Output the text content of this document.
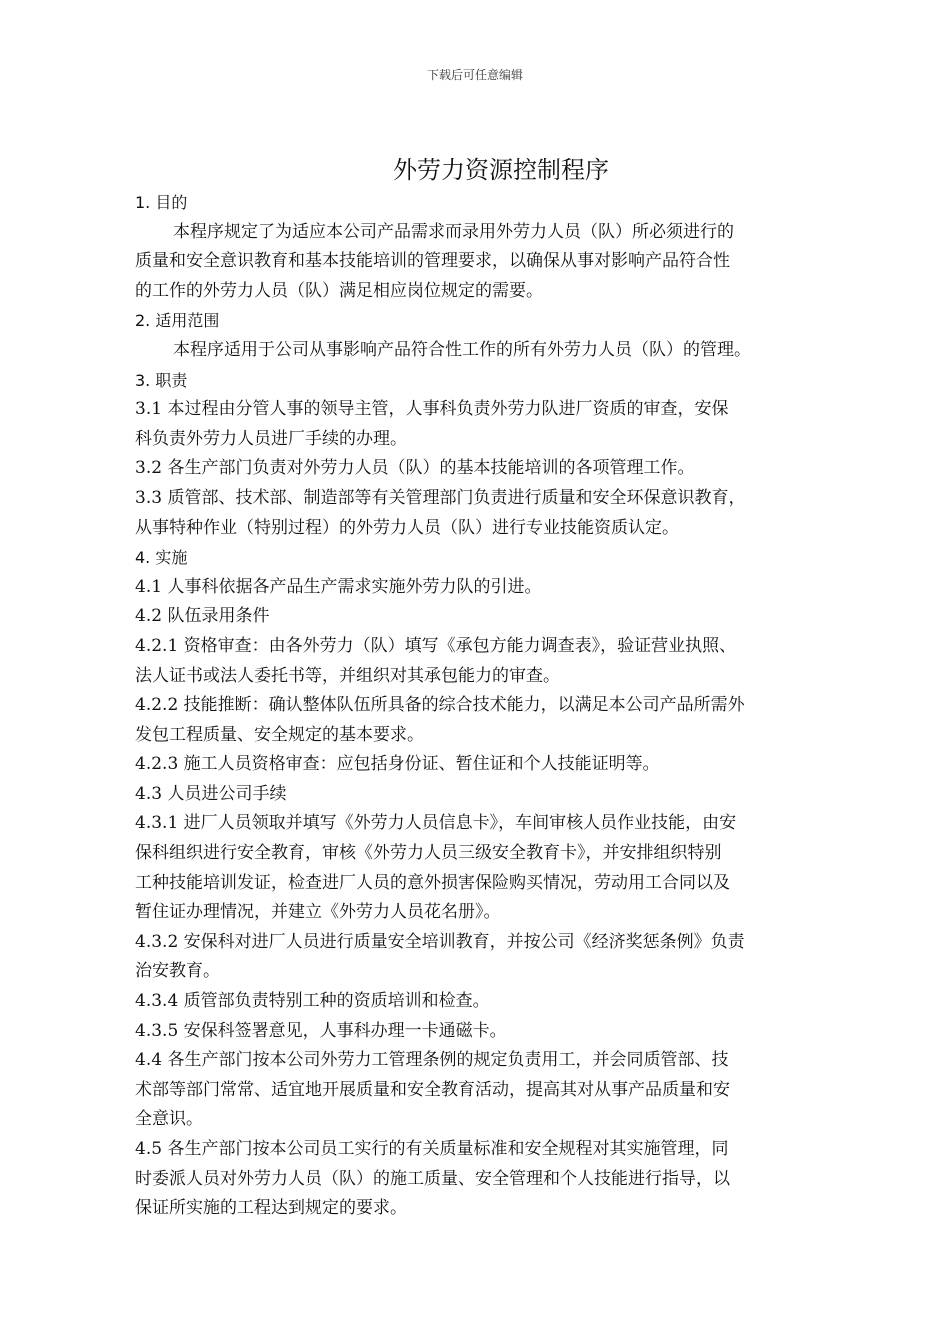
下载后可任意编辑
外劳力资源控制程序
1. 目的
本程序规定了为适应本公司产品需求而录用外劳力人员（队）所必须进行的
质量和安全意识教育和基本技能培训的管理要求，以确保从事对影响产品符合性
的工作的外劳力人员（队）满足相应岗位规定的需要。
2. 适用范围
本程序适用于公司从事影响产品符合性工作的所有外劳力人员（队）的管理。
3. 职责
3.1 本过程由分管人事的领导主管，人事科负责外劳力队进厂资质的审查，安保
科负责外劳力人员进厂手续的办理。
3.2 各生产部门负责对外劳力人员（队）的基本技能培训的各项管理工作。
3.3 质管部、技术部、制造部等有关管理部门负责进行质量和安全环保意识教育，
从事特种作业（特别过程）的外劳力人员（队）进行专业技能资质认定。
4. 实施
4.1 人事科依据各产品生产需求实施外劳力队的引进。
4.2 队伍录用条件
4.2.1 资格审查：由各外劳力（队）填写《承包方能力调查表》，验证营业执照、
法人证书或法人委托书等，并组织对其承包能力的审查。
4.2.2 技能推断：确认整体队伍所具备的综合技术能力，以满足本公司产品所需外
发包工程质量、安全规定的基本要求。
4.2.3 施工人员资格审查：应包括身份证、暂住证和个人技能证明等。
4.3 人员进公司手续
4.3.1 进厂人员领取并填写《外劳力人员信息卡》，车间审核人员作业技能，由安
保科组织进行安全教育，审核《外劳力人员三级安全教育卡》，并安排组织特别
工种技能培训发证，检查进厂人员的意外损害保险购买情况，劳动用工合同以及
暂住证办理情况，并建立《外劳力人员花名册》。
4.3.2 安保科对进厂人员进行质量安全培训教育，并按公司《经济奖惩条例》负责
治安教育。
4.3.4 质管部负责特别工种的资质培训和检查。
4.3.5 安保科签署意见，人事科办理一卡通磁卡。
4.4 各生产部门按本公司外劳力工管理条例的规定负责用工，并会同质管部、技
术部等部门常常、适宜地开展质量和安全教育活动，提高其对从事产品质量和安
全意识。
4.5 各生产部门按本公司员工实行的有关质量标准和安全规程对其实施管理，同
时委派人员对外劳力人员（队）的施工质量、安全管理和个人技能进行指导，以
保证所实施的工程达到规定的要求。
